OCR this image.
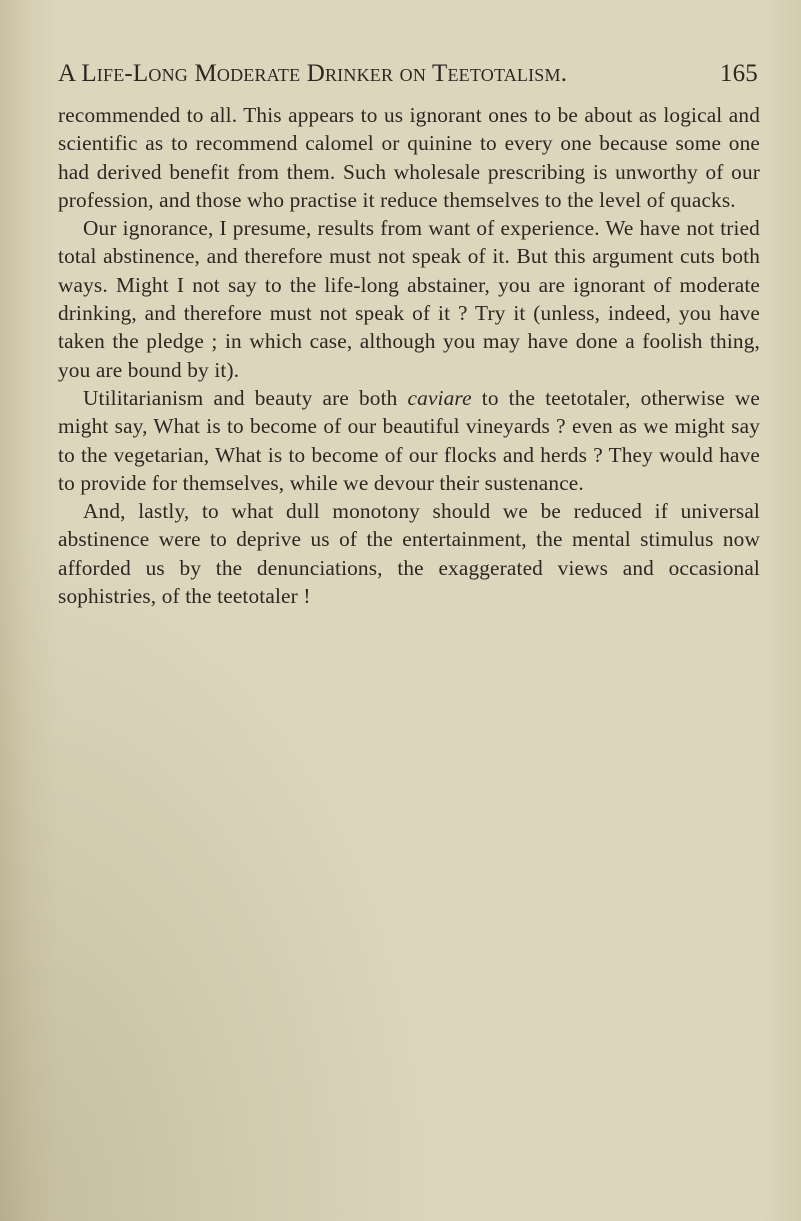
A Life-Long Moderate Drinker on Teetotalism.	165

recommended to all. This appears to us ignorant ones to be about as logical and scientific as to recommend calomel or quinine to every one because some one had derived benefit from them. Such wholesale prescribing is unworthy of our profession, and those who practise it reduce themselves to the level of quacks.

Our ignorance, I presume, results from want of experience. We have not tried total abstinence, and therefore must not speak of it. But this argument cuts both ways. Might I not say to the life-long abstainer, you are ignorant of moderate drinking, and therefore must not speak of it ? Try it (unless, indeed, you have taken the pledge ; in which case, although you may have done a foolish thing, you are bound by it).

Utilitarianism and beauty are both caviare to the teetotaler, otherwise we might say, What is to become of our beautiful vineyards ? even as we might say to the vegetarian, What is to become of our flocks and herds ? They would have to provide for themselves, while we devour their sustenance.

And, lastly, to what dull monotony should we be reduced if universal abstinence were to deprive us of the entertainment, the mental stimulus now afforded us by the denunciations, the exaggerated views and occasional sophistries, of the teetotaler !
